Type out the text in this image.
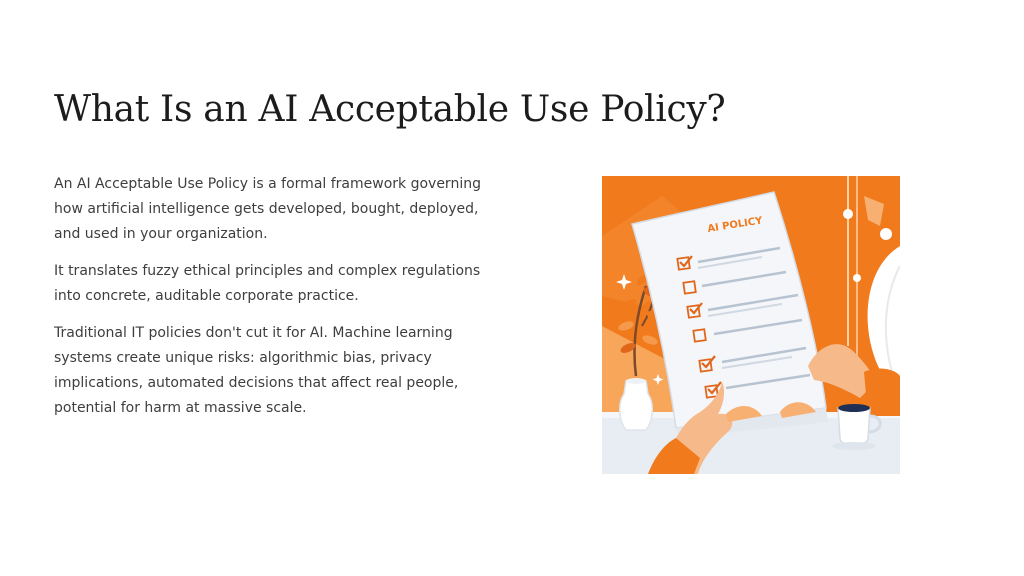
What Is an AI Acceptable Use Policy?

An AI Acceptable Use Policy is a formal framework governing
how artificial intelligence gets developed, bought, deployed,
and used in your organization.

It translates fuzzy ethical principles and complex regulations
into concrete, auditable corporate practice.

Traditional IT policies don't cut it for AI. Machine learning
systems create unique risks: algorithmic bias, privacy
implications, automated decisions that affect real people,
potential for harm at massive scale.

AI POLICY
